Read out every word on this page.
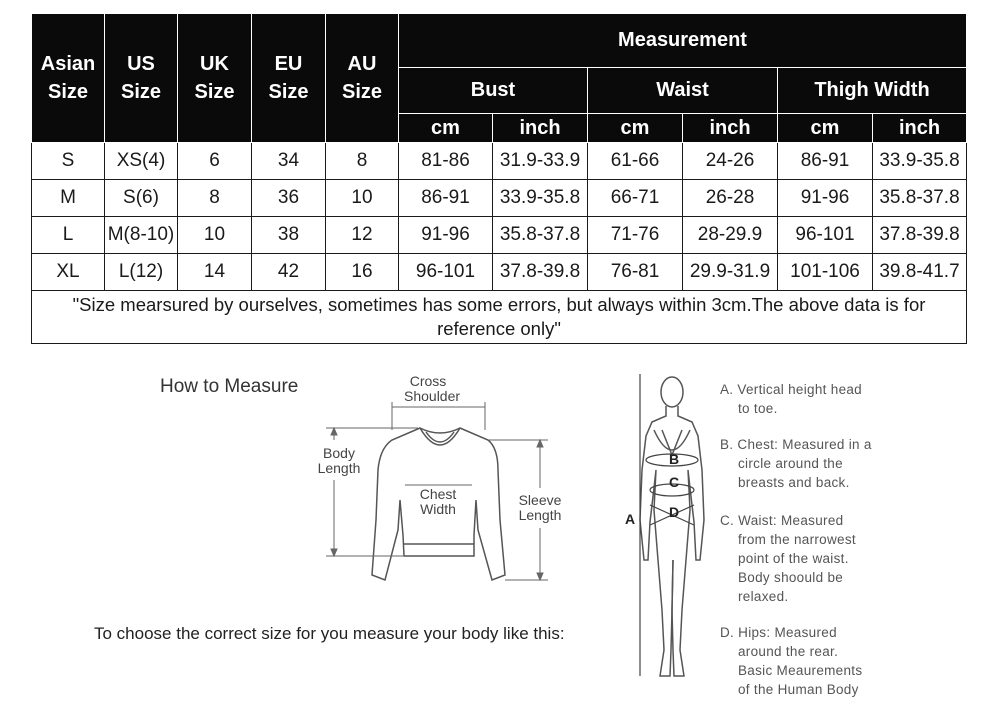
Asian
Size	US
Size	UK
Size	EU
Size	AU
Size	Measurement					
					Bust		Waist		Thigh Width	
					cm	inch	cm	inch	cm	inch
S	XS(4)	6	34	8	81-86	31.9-33.9	61-66	24-26	86-91	33.9-35.8
M	S(6)	8	36	10	86-91	33.9-35.8	66-71	26-28	91-96	35.8-37.8
L	M(8-10)	10	38	12	91-96	35.8-37.8	71-76	28-29.9	96-101	37.8-39.8
XL	L(12)	14	42	16	96-101	37.8-39.8	76-81	29.9-31.9	101-106	39.8-41.7
"Size mearsured by ourselves, sometimes has some errors, but always within 3cm.The above data is for reference only"										
How to Measure	Cross
Shoulder
Body
Length
Chest
Width
Sleeve
Length
B
C
D
A
To choose the correct size for you measure your body like this:
A. Vertical height head
to toe.
B. Chest: Measured in a
circle around the
breasts and back.
C. Waist: Measured
from the narrowest
point of the waist.
Body shoould be
relaxed.
D. Hips: Measured
around the rear.
Basic Meaurements
of the Human Body
